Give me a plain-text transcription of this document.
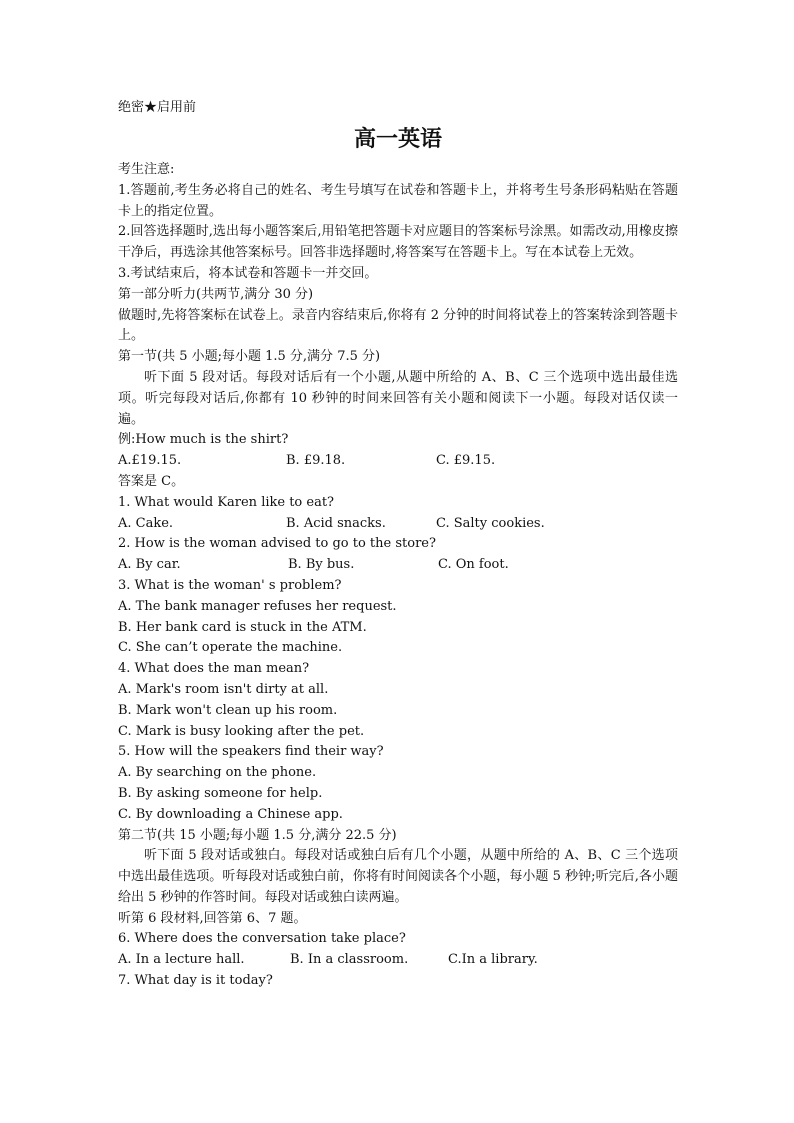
绝密★启用前
高一英语
考生注意:

1.答题前,考生务必将自己的姓名、考生号填写在试卷和答题卡上，并将考生号条形码粘贴在答题卡上的指定位置。

2.回答选择题时,选出每小题答案后,用铅笔把答题卡对应题目的答案标号涂黑。如需改动,用橡皮擦干净后，再选涂其他答案标号。回答非选择题时,将答案写在答题卡上。写在本试卷上无效。

3.考试结束后，将本试卷和答题卡一并交回。

第一部分听力(共两节,满分 30 分)

做题时,先将答案标在试卷上。录音内容结束后,你将有 2 分钟的时间将试卷上的答案转涂到答题卡上。

第一节(共 5 小题;每小题 1.5 分,满分 7.5 分)

听下面 5 段对话。每段对话后有一个小题,从题中所给的 A、B、C 三个选项中选出最佳选项。听完每段对话后,你都有 10 秒钟的时间来回答有关小题和阅读下一小题。每段对话仅读一遍。

例:How much is the shirt?
A.£19.15.	B. £9.18.	C. £9.15.
答案是 C。
1. What would Karen like to eat?
A. Cake.	B. Acid snacks.	C. Salty cookies.
2. How is the woman advised to go to the store?
A. By car.	B. By bus.	C. On foot.
3. What is the woman' s problem?
A. The bank manager refuses her request.
B. Her bank card is stuck in the ATM.
C. She can’t operate the machine.
4. What does the man mean?
A. Mark's room isn't dirty at all.
B. Mark won't clean up his room.
C. Mark is busy looking after the pet.
5. How will the speakers find their way?
A. By searching on the phone.
B. By asking someone for help.
C. By downloading a Chinese app.
第二节(共 15 小题;每小题 1.5 分,满分 22.5 分)

听下面 5 段对话或独白。每段对话或独白后有几个小题，从题中所给的 A、B、C 三个选项中选出最佳选项。听每段对话或独白前，你将有时间阅读各个小题，每小题 5 秒钟;听完后,各小题给出 5 秒钟的作答时间。每段对话或独白读两遍。

听第 6 段材料,回答第 6、7 题。
6. Where does the conversation take place?
A. In a lecture hall.	B. In a classroom.	C.In a library.
7. What day is it today?
